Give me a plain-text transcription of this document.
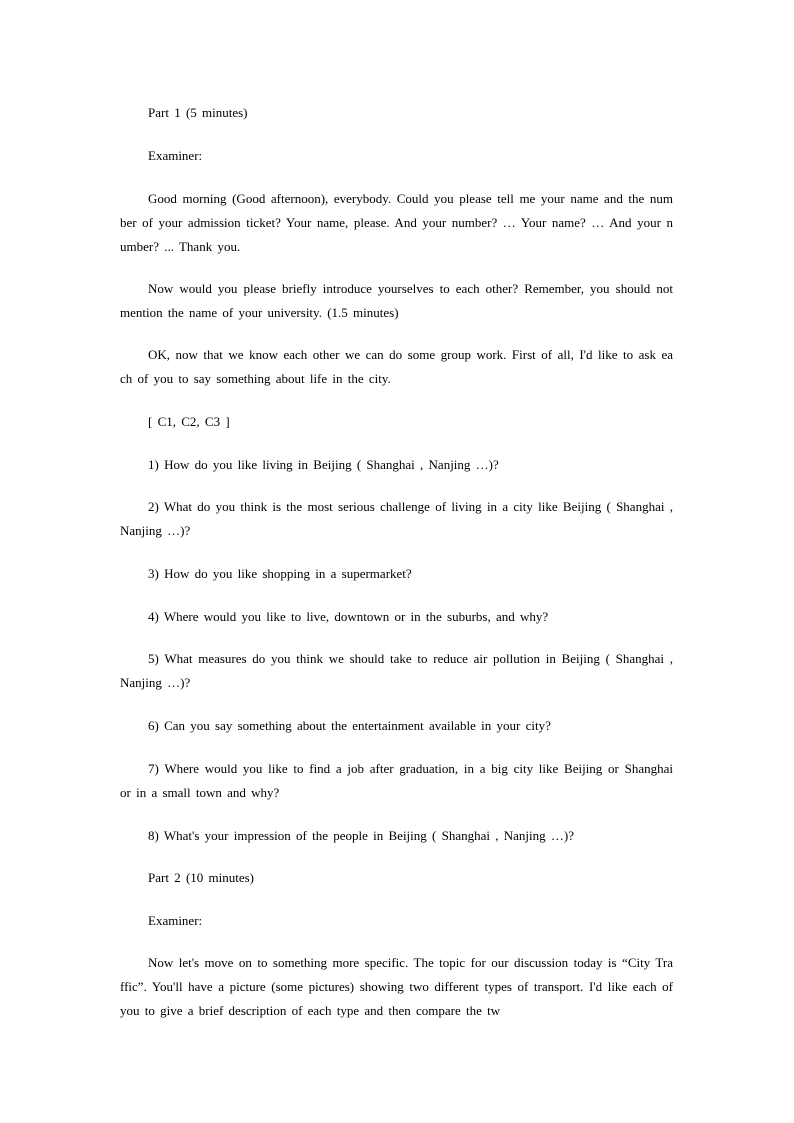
Part 1 (5 minutes)

Examiner:

Good morning (Good afternoon), everybody. Could you please tell me your name and the number of your admission ticket? Your name, please. And your number? … Your name? … And your number? ... Thank you.

Now would you please briefly introduce yourselves to each other? Remember, you should not mention the name of your university. (1.5 minutes)

OK, now that we know each other we can do some group work. First of all, I'd like to ask each of you to say something about life in the city.

[ C1, C2, C3 ]

1) How do you like living in Beijing ( Shanghai , Nanjing …)?

2) What do you think is the most serious challenge of living in a city like Beijing ( Shanghai , Nanjing …)?

3) How do you like shopping in a supermarket?

4) Where would you like to live, downtown or in the suburbs, and why?

5) What measures do you think we should take to reduce air pollution in Beijing ( Shanghai , Nanjing …)?

6) Can you say something about the entertainment available in your city?

7) Where would you like to find a job after graduation, in a big city like Beijing or Shanghai or in a small town and why?

8) What's your impression of the people in Beijing ( Shanghai , Nanjing …)?

Part 2 (10 minutes)

Examiner:

Now let's move on to something more specific. The topic for our discussion today is “City Traffic”. You'll have a picture (some pictures) showing two different types of transport. I'd like each of you to give a brief description of each type and then compare the tw
